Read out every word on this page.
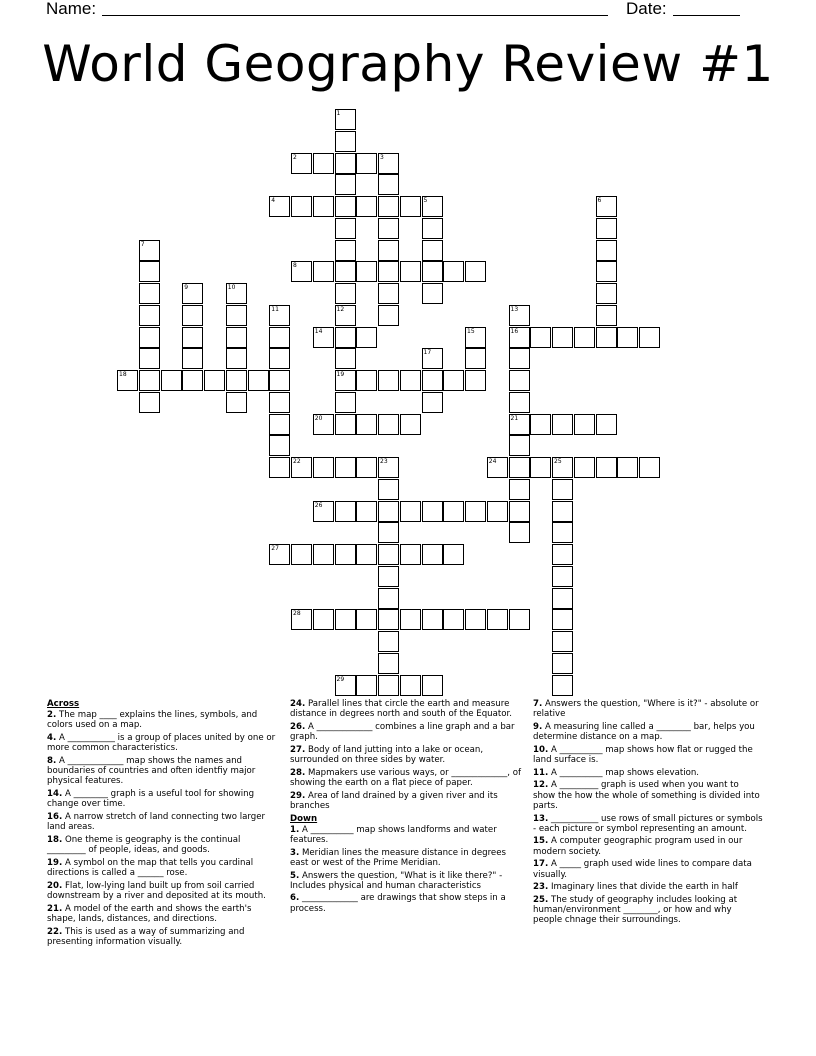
Name:	Date:
World Geography Review #1
1
2	3
4	5	6
7
8
9	10
11	12
19
13
16
21
14	15
17
18
20
22	23	24	25
26
27
28
29

Across

2. The map ____ explains the lines, symbols, and colors used on a map.

4. A ___________ is a group of places united by one or more common characteristics.

8. A _____________ map shows the names and boundaries of countries and often identfiy major physical features.

14. A ________ graph is a useful tool for showing change over time.

16. A narrow stretch of land connecting two larger land areas.

18. One theme is geography is the continual _________ of people, ideas, and goods.

19. A symbol on the map that tells you cardinal directions is called a ______ rose.

20. Flat, low-lying land built up from soil carried downstream by a river and deposited at its mouth.

21. A model of the earth and shows the earth's shape, lands, distances, and directions.

22. This is used as a way of summarizing and presenting information visually.

24. Parallel lines that circle the earth and measure distance in degrees north and south of the Equator.

26. A _____________ combines a line graph and a bar graph.

27. Body of land jutting into a lake or ocean, surrounded on three sides by water.

28. Mapmakers use various ways, or _____________, of showing the earth on a flat piece of paper.

29. Area of land drained by a given river and its branches

Down

1. A __________ map shows landforms and water features.

3. Meridian lines the measure distance in degrees east or west of the Prime Meridian.

5. Answers the question, "What is it like there?" - Includes physical and human characteristics

6. _____________ are drawings that show steps in a process.

7. Answers the question, "Where is it?" - absolute or relative

9. A measuring line called a ________ bar, helps you determine distance on a map.

10. A __________ map shows how flat or rugged the land surface is.

11. A __________ map shows elevation.

12. A _________ graph is used when you want to show the how the whole of something is divided into parts.

13. ___________ use rows of small pictures or symbols - each picture or symbol representing an amount.

15. A computer geographic program used in our modern society.

17. A _____ graph used wide lines to compare data visually.

23. Imaginary lines that divide the earth in half

25. The study of geography includes looking at human/environment ________, or how and why people chnage their surroundings.
